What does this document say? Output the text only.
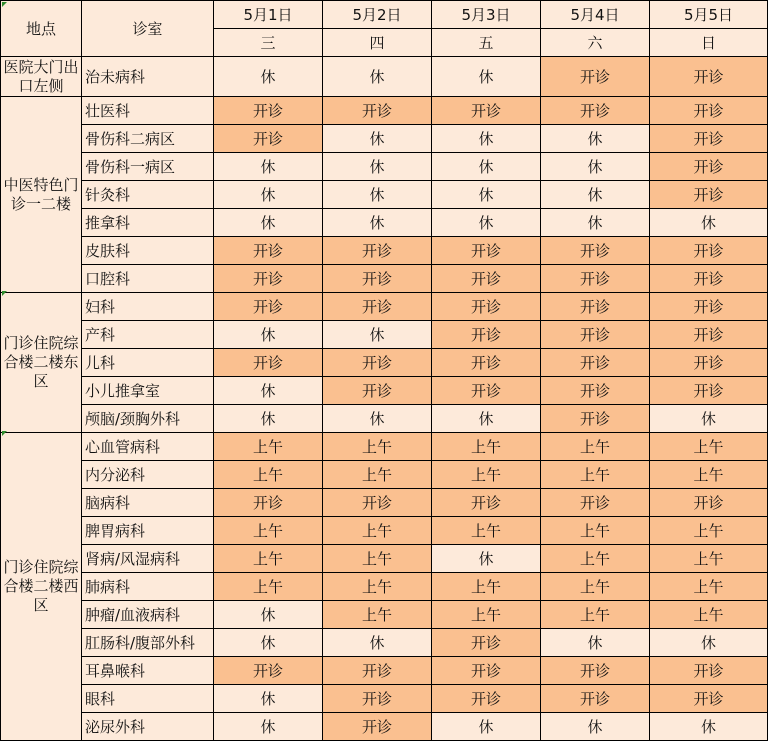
地点	诊室	5月1日	5月2日	5月3日	5月4日	5月5日
		三	四	五	六	日
医院大门出口左侧	治未病科	休	休	休	开诊	开诊
中医特色门诊一二楼	壮医科	开诊	开诊	开诊	开诊	开诊
	骨伤科二病区	开诊	休	休	休	开诊
	骨伤科一病区	休	休	休	休	开诊
	针灸科	休	休	休	休	开诊
	推拿科	休	休	休	休	休
	皮肤科	开诊	开诊	开诊	开诊	开诊
	口腔科	开诊	开诊	开诊	开诊	开诊
门诊住院综合楼二楼东区	妇科	开诊	开诊	开诊	开诊	开诊
	产科	休	休	开诊	开诊	开诊
	儿科	开诊	开诊	开诊	开诊	开诊
	小儿推拿室	休	开诊	开诊	开诊	开诊
	颅脑/颈胸外科	休	休	休	开诊	休
门诊住院综合楼二楼西区	心血管病科	上午	上午	上午	上午	上午
	内分泌科	上午	上午	上午	上午	上午
	脑病科	开诊	开诊	开诊	开诊	开诊
	脾胃病科	上午	上午	上午	上午	上午
	肾病/风湿病科	上午	上午	休	上午	上午
	肺病科	上午	上午	上午	上午	上午
	肿瘤/血液病科	休	上午	上午	上午	上午
	肛肠科/腹部外科	休	休	开诊	休	休
	耳鼻喉科	开诊	开诊	开诊	开诊	开诊
	眼科	休	开诊	开诊	开诊	开诊
	泌尿外科	休	开诊	休	休	休
